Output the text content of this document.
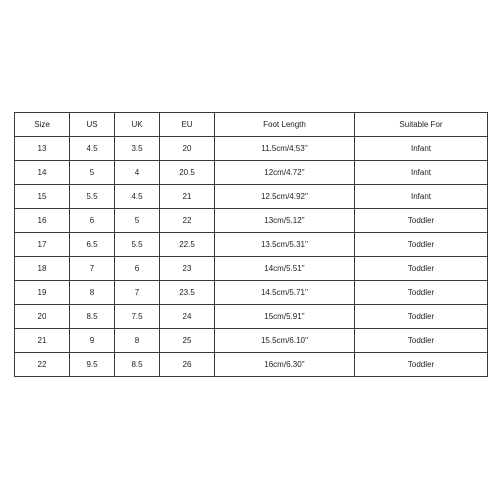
Size	US	UK	EU	Foot Length	Suitable For
13	4.5	3.5	20	11.5cm/4.53''	Infant
14	5	4	20.5	12cm/4.72''	Infant
15	5.5	4.5	21	12.5cm/4.92''	Infant
16	6	5	22	13cm/5.12''	Toddler
17	6.5	5.5	22.5	13.5cm/5.31''	Toddler
18	7	6	23	14cm/5.51''	Toddler
19	8	7	23.5	14.5cm/5.71''	Toddler
20	8.5	7.5	24	15cm/5.91''	Toddler
21	9	8	25	15.5cm/6.10''	Toddler
22	9.5	8.5	26	16cm/6.30''	Toddler
